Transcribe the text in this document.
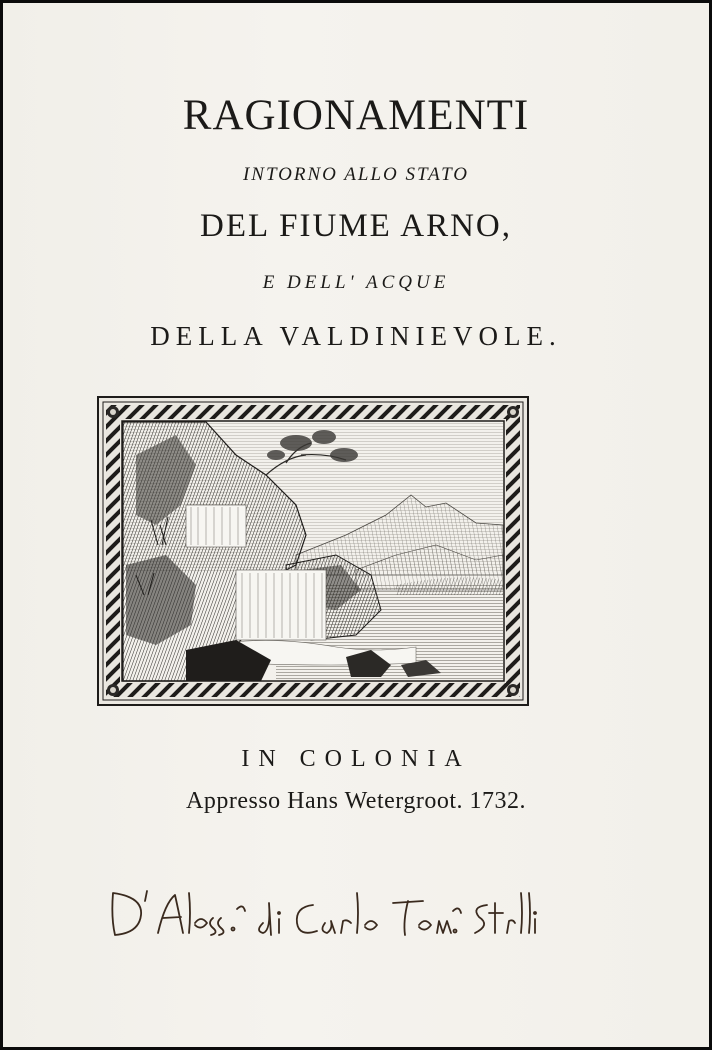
RAGIONAMENTI
INTORNO ALLO STATO
DEL FIUME ARNO,
E DELL' ACQUE
DELLA VALDINIEVOLE.
IN COLONIA
Appresso Hans Wetergroot. 1732.
